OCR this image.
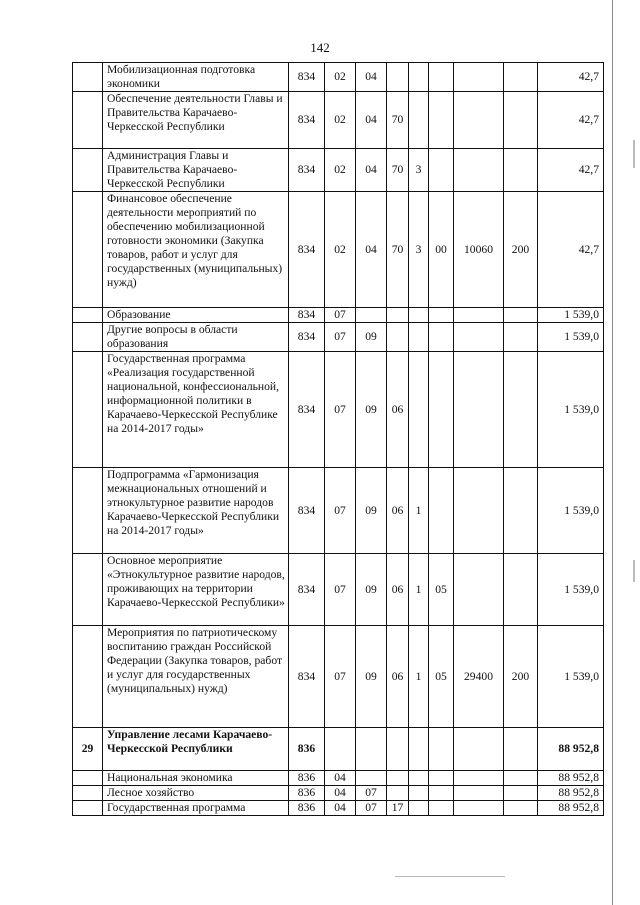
142
	Мобилизационная подготовка экономики	834	02	04						42,7
	Обеспечение деятельности Главы и Правительства Карачаево-Черкесской Республики	834	02	04	70					42,7
	Администрация Главы и Правительства Карачаево-Черкесской Республики	834	02	04	70	3				42,7
	Финансовое обеспечение деятельности мероприятий по обеспечению мобилизационной готовности экономики (Закупка товаров, работ и услуг для государственных (муниципальных) нужд)	834	02	04	70	3	00	10060	200	42,7
	Образование	834	07							1 539,0
	Другие вопросы в области образования	834	07	09						1 539,0
	Государственная программа «Реализация государственной национальной, конфессиональной, информационной политики в Карачаево-Черкесской Республике на 2014-2017 годы»	834	07	09	06					1 539,0
	Подпрограмма «Гармонизация межнациональных отношений и этнокультурное развитие народов Карачаево-Черкесской Республики на 2014-2017 годы»	834	07	09	06	1				1 539,0
	Основное мероприятие «Этнокультурное развитие народов, проживающих на территории Карачаево-Черкесской Республики»	834	07	09	06	1	05			1 539,0
	Мероприятия по патриотическому воспитанию граждан Российской Федерации (Закупка товаров, работ и услуг для государственных (муниципальных) нужд)	834	07	09	06	1	05	29400	200	1 539,0
29	Управление лесами Карачаево-Черкесской Республики	836								88 952,8
	Национальная экономика	836	04							88 952,8
	Лесное хозяйство	836	04	07						88 952,8
	Государственная программа	836	04	07	17					88 952,8
